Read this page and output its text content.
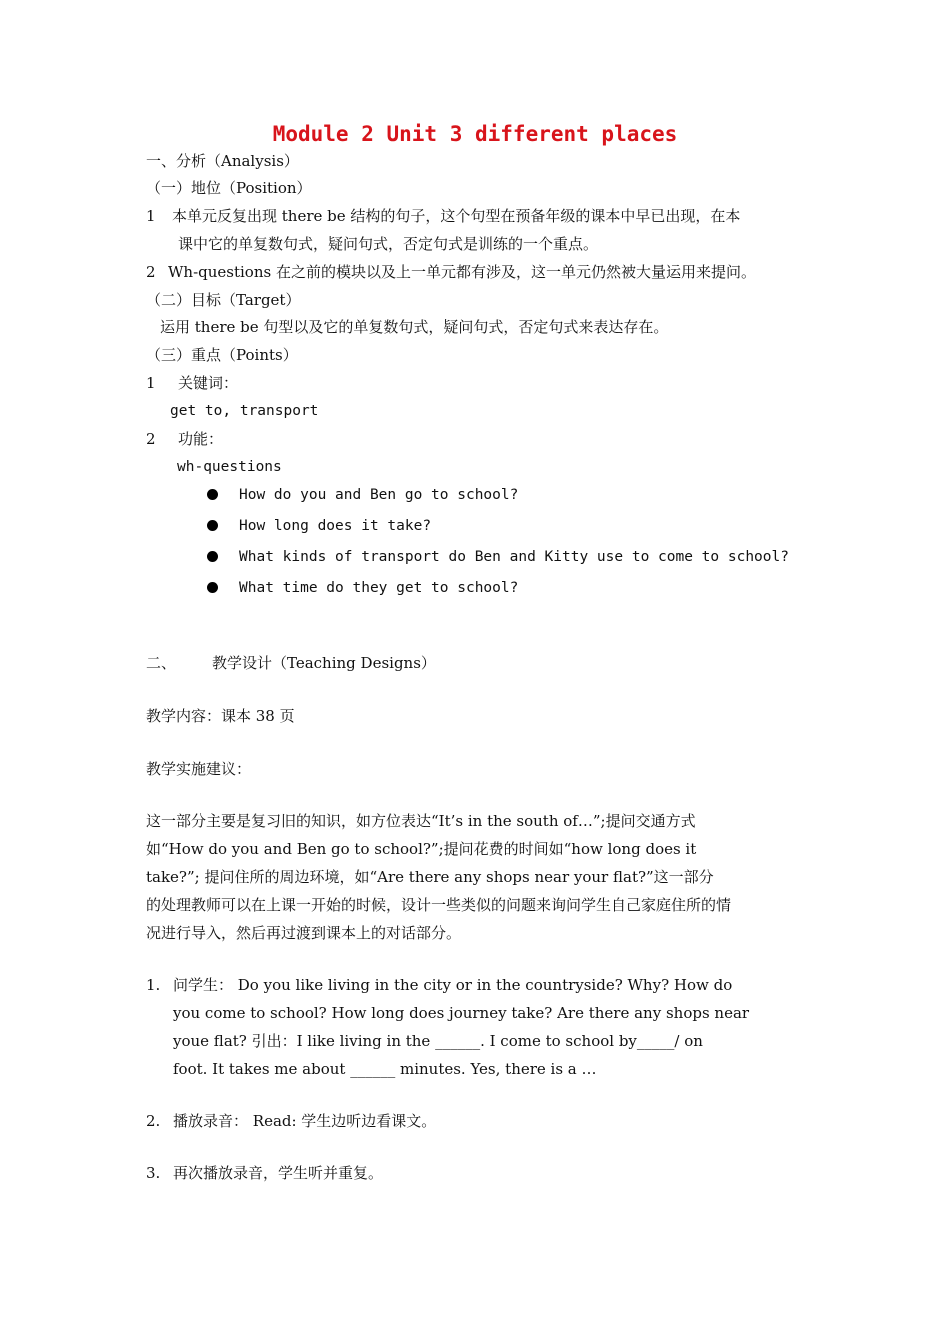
Module 2 Unit 3 different places
一、分析（Analysis）
（一）地位（Position）
1 本单元反复出现 there be 结构的句子，这个句型在预备年级的课本中早已出现，在本
课中它的单复数句式，疑问句式，否定句式是训练的一个重点。
2 Wh-questions 在之前的模块以及上一单元都有涉及，这一单元仍然被大量运用来提问。
（二）目标（Target）
运用 there be 句型以及它的单复数句式，疑问句式，否定句式来表达存在。
（三）重点（Points）
1 关键词：
get to, transport
2 功能：
wh-questions
How do you and Ben go to school?
How long does it take?
What kinds of transport do Ben and Kitty use to come to school?
What time do they get to school?
二、 教学设计（Teaching Designs）
教学内容：课本 38 页
教学实施建议：
这一部分主要是复习旧的知识，如方位表达“It’s in the south of…”;提问交通方式
如“How do you and Ben go to school?”;提问花费的时间如“how long does it
take?”; 提问住所的周边环境，如“Are there any shops near your flat?”这一部分
的处理教师可以在上课一开始的时候，设计一些类似的问题来询问学生自己家庭住所的情
况进行导入，然后再过渡到课本上的对话部分。
1. 问学生： Do you like living in the city or in the countryside? Why? How do
you come to school? How long does journey take? Are there any shops near
youe flat? 引出：I like living in the ______. I come to school by_____/ on
foot. It takes me about ______ minutes. Yes, there is a …
2. 播放录音： Read: 学生边听边看课文。
3. 再次播放录音，学生听并重复。
